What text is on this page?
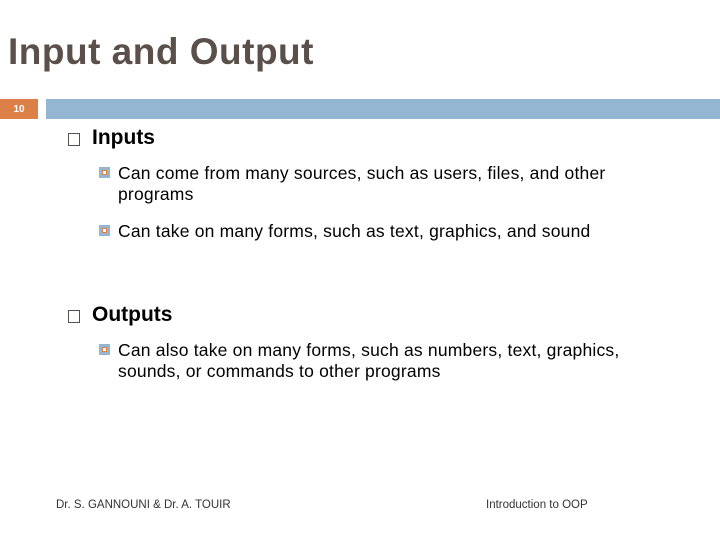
Input and Output
10
Inputs
Can come from many sources, such as users, files, and other programs
Can take on many forms, such as text, graphics, and sound
Outputs
Can also take on many forms, such as numbers, text, graphics, sounds, or commands to other programs
Dr. S. GANNOUNI & Dr. A. TOUIR	Introduction to OOP
